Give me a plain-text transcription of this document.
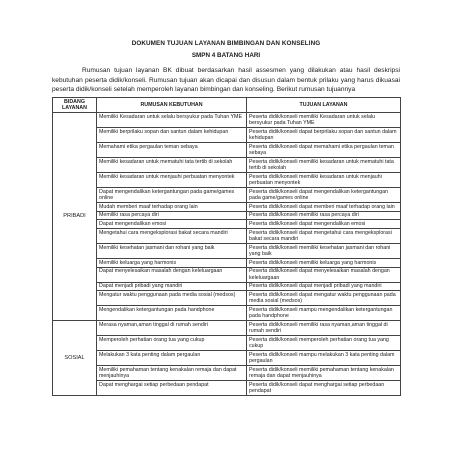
DOKUMEN TUJUAN LAYANAN BIMBINGAN DAN KONSELING

SMPN 4 BATANG HARI

Rumusan tujuan layanan BK dibuat berdasarkan hasil assesmen yang dilakukan atau hasil deskripsi kebutuhan peserta didik/konseli. Rumusan tujuan akan dicapai dan disusun dalam bentuk prilaku yang harus dikuasai peserta didik/konseli setelah memperoleh layanan bimbingan dan konseling. Berikut rumusan tujuannya

BIDANG LAYANAN	RUMUSAN KEBUTUHAN	TUJUAN LAYANAN
PRIBADI	Memiliki Kesadaran untuk selalu bersyukur pada Tuhan YME	Peserta didik/konseli memiliki Kesadaran untuk selalu bersyukur pada Tuhan YME
	Memiliki berprilaku sopan dan santun dalam kehidupan	Peserta didik/konseli dapat berprilaku sopan dan santun dalam kehidupan
	Memahami etika pergaulan teman sebaya	Peserta didik/konseli dapat memahami etika pergaulan teman sebaya
	Memiliki kesadaran untuk mematuhi tata tertib di sekolah	Peserta didik/konseli memiliki kesadaran untuk mematuhi tata tertib di sekolah
	Memiliki kesadaran untuk menjauhi perbuatan menyontek	Peserta didik/konseli memiliki kesadaran untuk menjauhi perbuatan menyontek
	Dapat mengendalikan ketergantungan pada game/games online	Peserta didik/konseli dapat mengendalikan ketergantungan pada game/games online
	Mudah memberi maaf terhadap orang lain	Peserta didik/konseli dapat memberi maaf terhadap orang lain
	Memiliki rasa percaya diri	Peserta didik/konseli memiliki rasa percaya diri
	Dapat mengendalikan emosi	Peserta didik/konseli dapat mengendalikan emosi
	Mengetahui cara mengeksplorasi bakat secara mandiri	Peserta didik/konseli dapat mengetahui cara mengeksplorasi bakat secara mandiri
	Memiliki kesehatan jasmani dan rohani yang baik	Peserta didik/konseli memiliki kesehatan jasmani dan rohani yang baik
	Memiliki keluarga yang harmonis	Peserta didik/konseli memiliki keluarga yang harmonis
	Dapat menyelesaikan masalah dengan keleluargaan	Peserta didik/konseli dapat menyelesaikan masalah dengan keleluargaan
	Dapat menjadi pribadi yang mandiri	Peserta didik/konseli dapat menjadi pribadi yang mandiri
	Mengatur waktu penggunaan pada media sosial (medsos)	Peserta didik/konseli dapat mengatur waktu penggunaan pada media sosial (medsos)
	Mengendalikan ketergantungan pada handphone	Peserta didik/konseli mampu mengendalikan ketergantungan pada handphone
SOSIAL	Merasa nyaman,aman tinggal di rumah sendiri	Peserta didik/konseli memiliki rasa nyaman,aman tinggal di rumah sendiri
	Memperoleh perhatian orang tua yang cukup	Peserta didik/konseli memperoleh perhatian orang tua yang cukup
	Melakukan 3 kata penting dalam pergaulan	Peserta didik/konseli mampu melakukan 3 kata penting dalam pergaulan
	Memiliki pemahaman tentang kenakalan remaja dan dapat menjauhinya	Peserta didik/konseli memiliki pemahaman tentang kenakalan remaja dan dapat menjauhinya
	Dapat menghargai setiap perbedaan pendapat	Peserta didik/konseli dapat menghargai setiap perbedaan pendapat
